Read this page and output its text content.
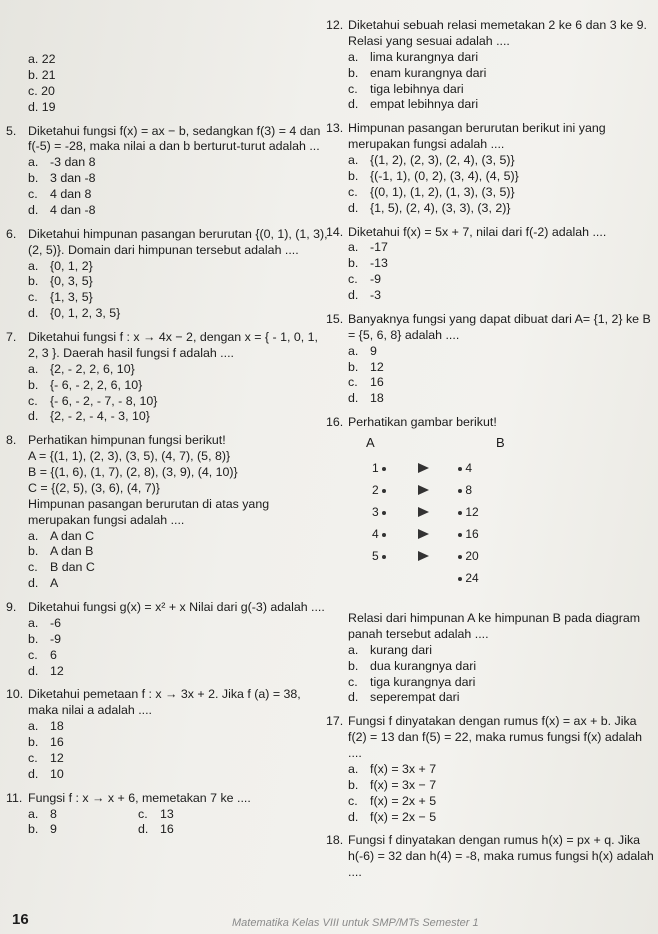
a. 22
b. 21
c. 20
d. 19
5. Diketahui fungsi f(x) = ax − b, sedangkan f(3) = 4 dan f(-5) = -28, maka nilai a dan b berturut-turut adalah ...
a. -3 dan 8
b. 3 dan -8
c. 4 dan 8
d. 4 dan -8
6. Diketahui himpunan pasangan berurutan {(0, 1), (1, 3), (2, 5)}. Domain dari himpunan tersebut adalah ....
a. {0, 1, 2}
b. {0, 3, 5}
c. {1, 3, 5}
d. {0, 1, 2, 3, 5}
7. Diketahui fungsi f : x → 4x − 2, dengan x = { - 1, 0, 1, 2, 3 }. Daerah hasil fungsi f adalah ....
a. {2, - 2, 2, 6, 10}
b. {- 6, - 2, 2, 6, 10}
c. {- 6, - 2, - 7, - 8, 10}
d. {2, - 2, - 4, - 3, 10}
8. Perhatikan himpunan fungsi berikut!
A = {(1, 1), (2, 3), (3, 5), (4, 7), (5, 8)}
B = {(1, 6), (1, 7), (2, 8), (3, 9), (4, 10)}
C = {(2, 5), (3, 6), (4, 7)}
Himpunan pasangan berurutan di atas yang merupakan fungsi adalah ....
a. A dan C
b. A dan B
c. B dan C
d. A
9. Diketahui fungsi g(x) = x² + x Nilai dari g(-3) adalah ....
a. -6
b. -9
c. 6
d. 12
10. Diketahui pemetaan f : x → 3x + 2. Jika f (a) = 38, maka nilai a adalah ....
a. 18
b. 16
c. 12
d. 10
11. Fungsi f : x → x + 6, memetakan 7 ke ....
a. 8	c. 13
b. 9	d. 16
12. Diketahui sebuah relasi memetakan 2 ke 6 dan 3 ke 9. Relasi yang sesuai adalah ....
a. lima kurangnya dari
b. enam kurangnya dari
c. tiga lebihnya dari
d. empat lebihnya dari
13. Himpunan pasangan berurutan berikut ini yang merupakan fungsi adalah ....
a. {(1, 2), (2, 3), (2, 4), (3, 5)}
b. {(-1, 1), (0, 2), (3, 4), (4, 5)}
c. {(0, 1), (1, 2), (1, 3), (3, 5)}
d. {1, 5), (2, 4), (3, 3), (3, 2)}
14. Diketahui f(x) = 5x + 7, nilai dari f(-2) adalah ....
a. -17
b. -13
c. -9
d. -3
15. Banyaknya fungsi yang dapat dibuat dari A= {1, 2} ke B = {5, 6, 8} adalah ....
a. 9
b. 12
c. 16
d. 18
16. Perhatikan gambar berikut!
A	B
1	4
2	8
3	12
4	16
5	20
24
Relasi dari himpunan A ke himpunan B pada diagram panah tersebut adalah ....
a. kurang dari
b. dua kurangnya dari
c. tiga kurangnya dari
d. seperempat dari
17. Fungsi f dinyatakan dengan rumus f(x) = ax + b. Jika f(2) = 13 dan f(5) = 22, maka rumus fungsi f(x) adalah ....
a. f(x) = 3x + 7
b. f(x) = 3x − 7
c. f(x) = 2x + 5
d. f(x) = 2x − 5
18. Fungsi f dinyatakan dengan rumus h(x) = px + q. Jika h(-6) = 32 dan h(4) = -8, maka rumus fungsi h(x) adalah ....
16	Matematika Kelas VIII untuk SMP/MTs Semester 1
